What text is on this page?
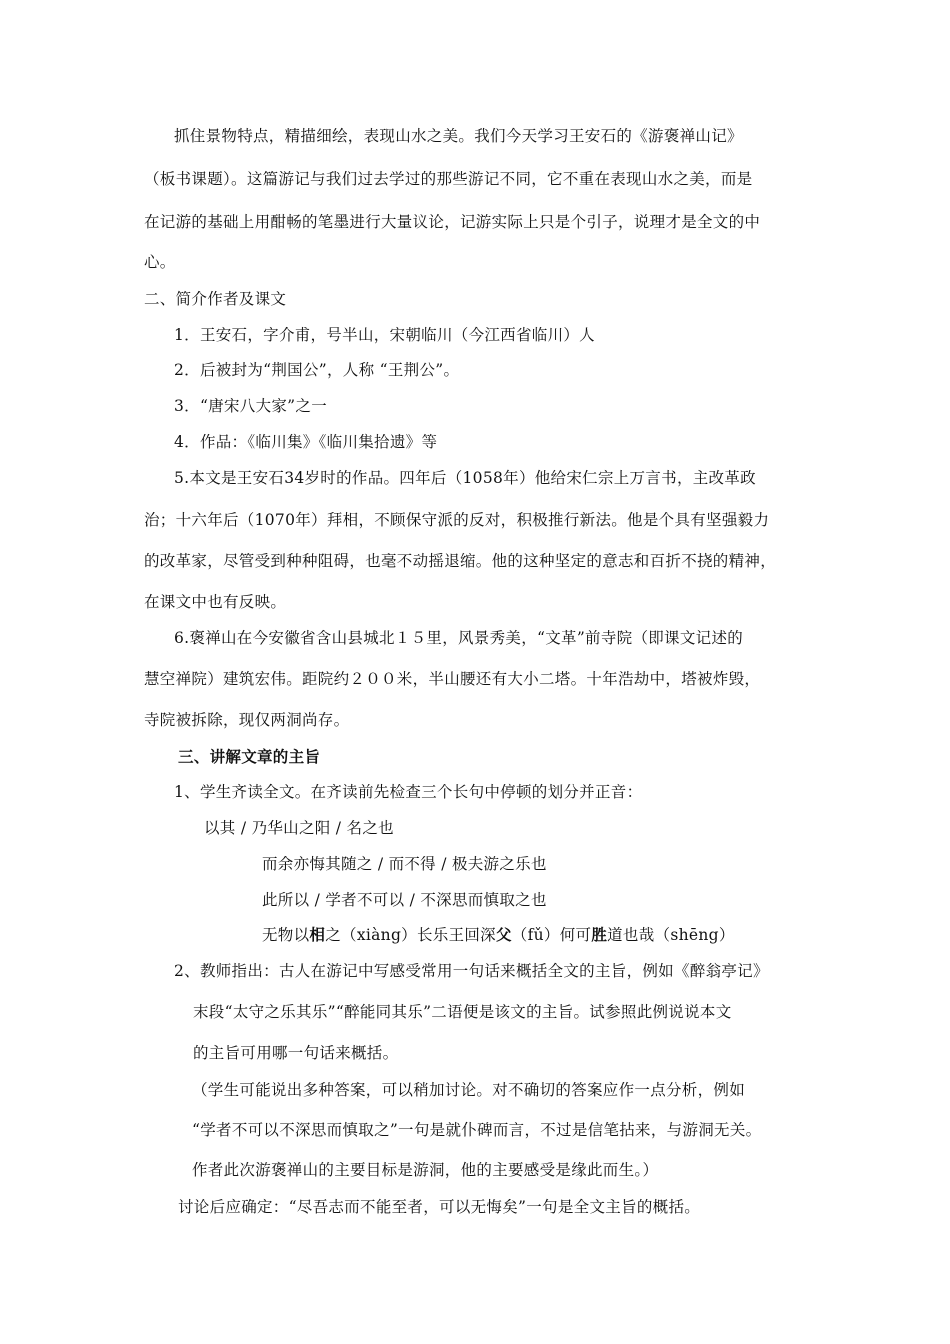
抓住景物特点，精描细绘，表现山水之美。我们今天学习王安石的《游褒禅山记》
（板书课题）。这篇游记与我们过去学过的那些游记不同，它不重在表现山水之美，而是
在记游的基础上用酣畅的笔墨进行大量议论，记游实际上只是个引子，说理才是全文的中
心。
二、简介作者及课文
1．王安石，字介甫，号半山，宋朝临川（今江西省临川）人
2．后被封为“荆国公”，人称 “王荆公”。
3．“唐宋八大家”之一
4．作品：《临川集》《临川集拾遗》等
5.本文是王安石34岁时的作品。四年后（1058年）他给宋仁宗上万言书，主改革政
治；十六年后（1070年）拜相，不顾保守派的反对，积极推行新法。他是个具有坚强毅力
的改革家，尽管受到种种阻碍，也毫不动摇退缩。他的这种坚定的意志和百折不挠的精神，
在课文中也有反映。
6.褒禅山在今安徽省含山县城北１５里，风景秀美，“文革”前寺院（即课文记述的
慧空禅院）建筑宏伟。距院约２００米，半山腰还有大小二塔。十年浩劫中，塔被炸毁，
寺院被拆除，现仅两洞尚存。
三、讲解文章的主旨
1、学生齐读全文。在齐读前先检查三个长句中停顿的划分并正音：
以其 / 乃华山之阳 / 名之也
而余亦悔其随之 / 而不得 / 极夫游之乐也
此所以 / 学者不可以 / 不深思而慎取之也
无物以相之（xiàng）长乐王回深父（fǔ）何可胜道也哉（shēng）
2、教师指出：古人在游记中写感受常用一句话来概括全文的主旨，例如《醉翁亭记》
末段“太守之乐其乐”“醉能同其乐”二语便是该文的主旨。试参照此例说说本文
的主旨可用哪一句话来概括。
（学生可能说出多种答案，可以稍加讨论。对不确切的答案应作一点分析，例如
“学者不可以不深思而慎取之”一句是就仆碑而言，不过是信笔拈来，与游洞无关。
作者此次游褒禅山的主要目标是游洞，他的主要感受是缘此而生。）
讨论后应确定：“尽吾志而不能至者，可以无悔矣”一句是全文主旨的概括。
